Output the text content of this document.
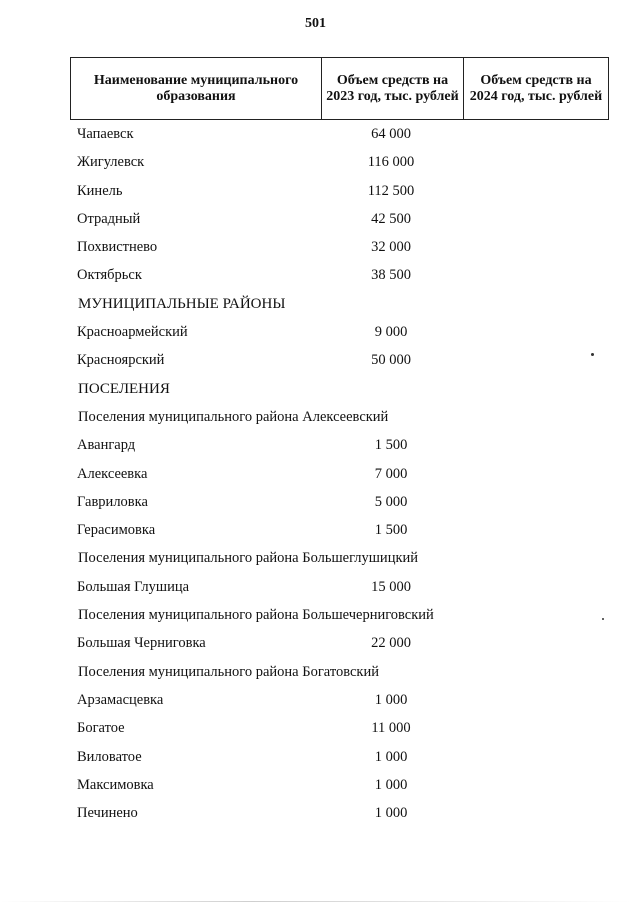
501
Наименование муниципального образования	Объем средств на 2023 год, тыс. рублей	Объем средств на 2024 год, тыс. рублей
Чапаевск	64 000
Жигулевск	116 000
Кинель	112 500
Отрадный	42 500
Похвистнево	32 000
Октябрьск	38 500
МУНИЦИПАЛЬНЫЕ РАЙОНЫ
Красноармейский	9 000
Красноярский	50 000
ПОСЕЛЕНИЯ
Поселения муниципального района Алексеевский
Авангард	1 500
Алексеевка	7 000
Гавриловка	5 000
Герасимовка	1 500
Поселения муниципального района Большеглушицкий
Большая Глушица	15 000
Поселения муниципального района Большечерниговский
Большая Черниговка	22 000
Поселения муниципального района Богатовский
Арзамасцевка	1 000
Богатое	11 000
Виловатое	1 000
Максимовка	1 000
Печинено	1 000
